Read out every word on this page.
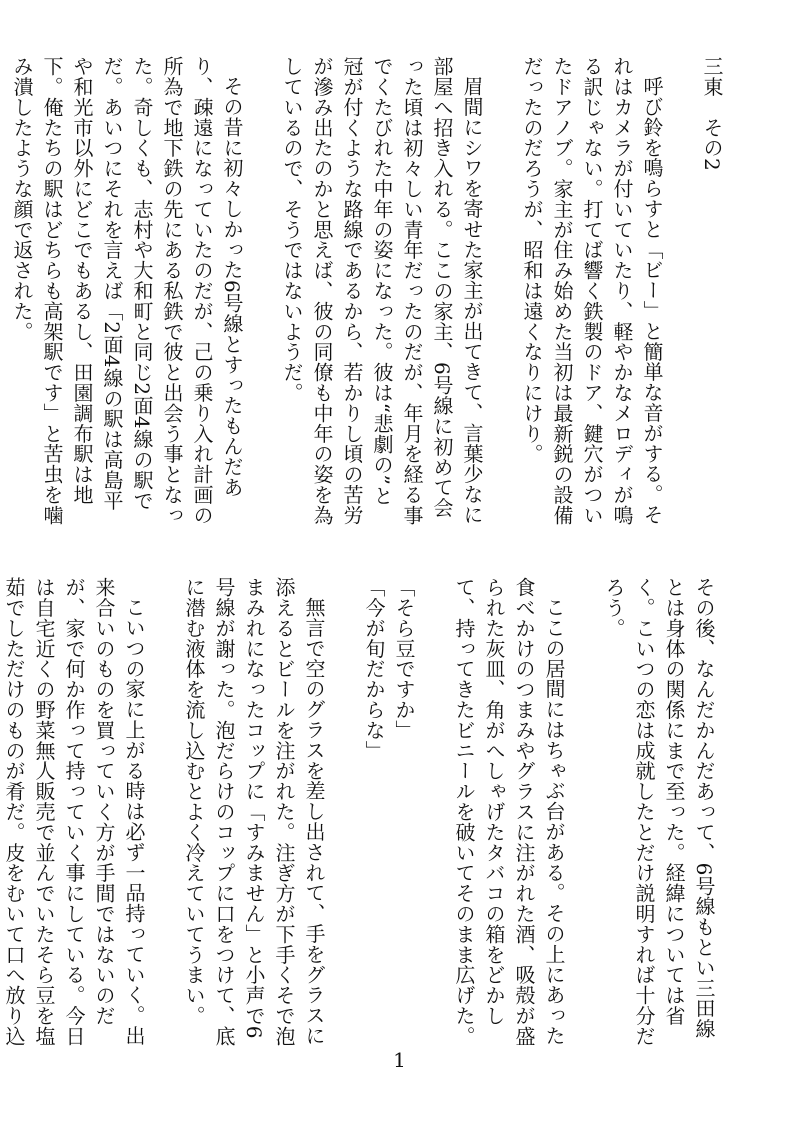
三東　その2

呼び鈴を鳴らすと「ビー」と簡単な音がする。それはカメラが付いていたり、軽やかなメロディが鳴る訳じゃない。打てば響く鉄製のドア、鍵穴がついたドアノブ。家主が住み始めた当初は最新鋭の設備だったのだろうが、昭和は遠くなりにけり。

眉間にシワを寄せた家主が出てきて、言葉少なに部屋へ招き入れる。ここの家主、6号線に初めて会った頃は初々しい青年だったのだが、年月を経る事でくたびれた中年の姿になった。彼は“悲劇の”と冠が付くような路線であるから、若かりし頃の苦労が滲み出たのかと思えば、彼の同僚も中年の姿を為しているので、そうではないようだ。

その昔に初々しかった6号線とすったもんだあり、疎遠になっていたのだが、己の乗り入れ計画の所為で地下鉄の先にある私鉄で彼と出会う事となった。奇しくも、志村や大和町と同じ2面4線の駅でだ。あいつにそれを言えば「2面4線の駅は高島平や和光市以外にどこでもあるし、田園調布駅は地下。俺たちの駅はどちらも高架駅です」と苦虫を噛み潰したような顔で返された。

その後、なんだかんだあって、6号線もとい三田線とは身体の関係にまで至った。経緯については省く。こいつの恋は成就したとだけ説明すれば十分だろう。

ここの居間にはちゃぶ台がある。その上にあった食べかけのつまみやグラスに注がれた酒、吸殻が盛られた灰皿、角がへしゃげたタバコの箱をどかして、持ってきたビニールを破いてそのまま広げた。

「そら豆ですか」

「今が旬だからな」

無言で空のグラスを差し出されて、手をグラスに添えるとビールを注がれた。注ぎ方が下手くそで泡まみれになったコップに「すみません」と小声で6号線が謝った。泡だらけのコップに口をつけて、底に潜む液体を流し込むとよく冷えていてうまい。

こいつの家に上がる時は必ず一品持っていく。出来合いのものを買っていく方が手間ではないのだが、家で何か作って持っていく事にしている。今日は自宅近くの野菜無人販売で並んでいたそら豆を塩茹でしただけのものが肴だ。皮をむいて口へ放り込

1
